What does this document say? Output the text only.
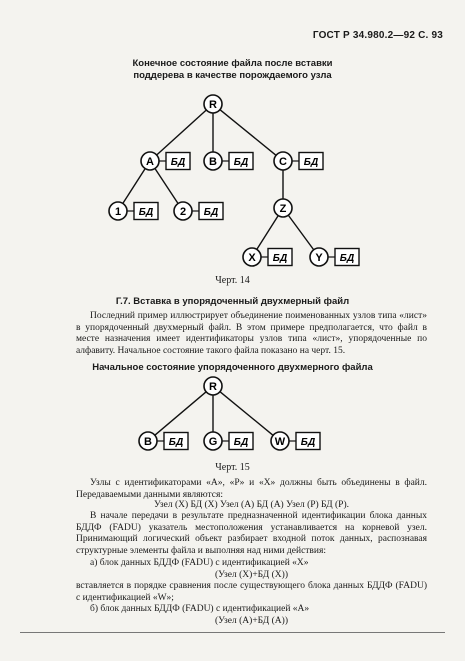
ГОСТ Р 34.980.2—92 С. 93
Конечное состояние файла после вставки
поддерева в качестве порождаемого узла
R
A БД B БД	C БД
1 БД 2 БД	Z
X БД	Y БД
Черт. 14
Г.7. Вставка в упорядоченный двухмерный файл
Последний пример иллюстрирует объединение поименованных узлов типа «лист» в упорядоченный двухмерный файл. В этом примере предполагается, что файл в месте назначения имеет идентификаторы узлов типа «лист», упорядоченные по алфавиту. Начальное состояние такого файла показано на черт. 15.
Начальное состояние упорядоченного двухмерного файла
R
B БД G БД W БД
Черт. 15
Узлы с идентификаторами «A», «P» и «X» должны быть объединены в файл. Передаваемыми данными являются:
Узел (X) БД (X) Узел (A) БД (A) Узел (P) БД (P).
В начале передачи в результате предназначенной идентификации блока данных БДДФ (FADU) указатель местоположения устанавливается на корневой узел. Принимающий логический объект разбирает входной поток данных, распознавая структурные элементы файла и выполняя над ними действия:
а) блок данных БДДФ (FADU) с идентификацией «X»
(Узел (X)+БД (X))
вставляется в порядке сравнения после существующего блока данных БДДФ (FADU) с идентификацией «W»;
б) блок данных БДДФ (FADU) с идентификацией «A»
(Узел (A)+БД (A))
